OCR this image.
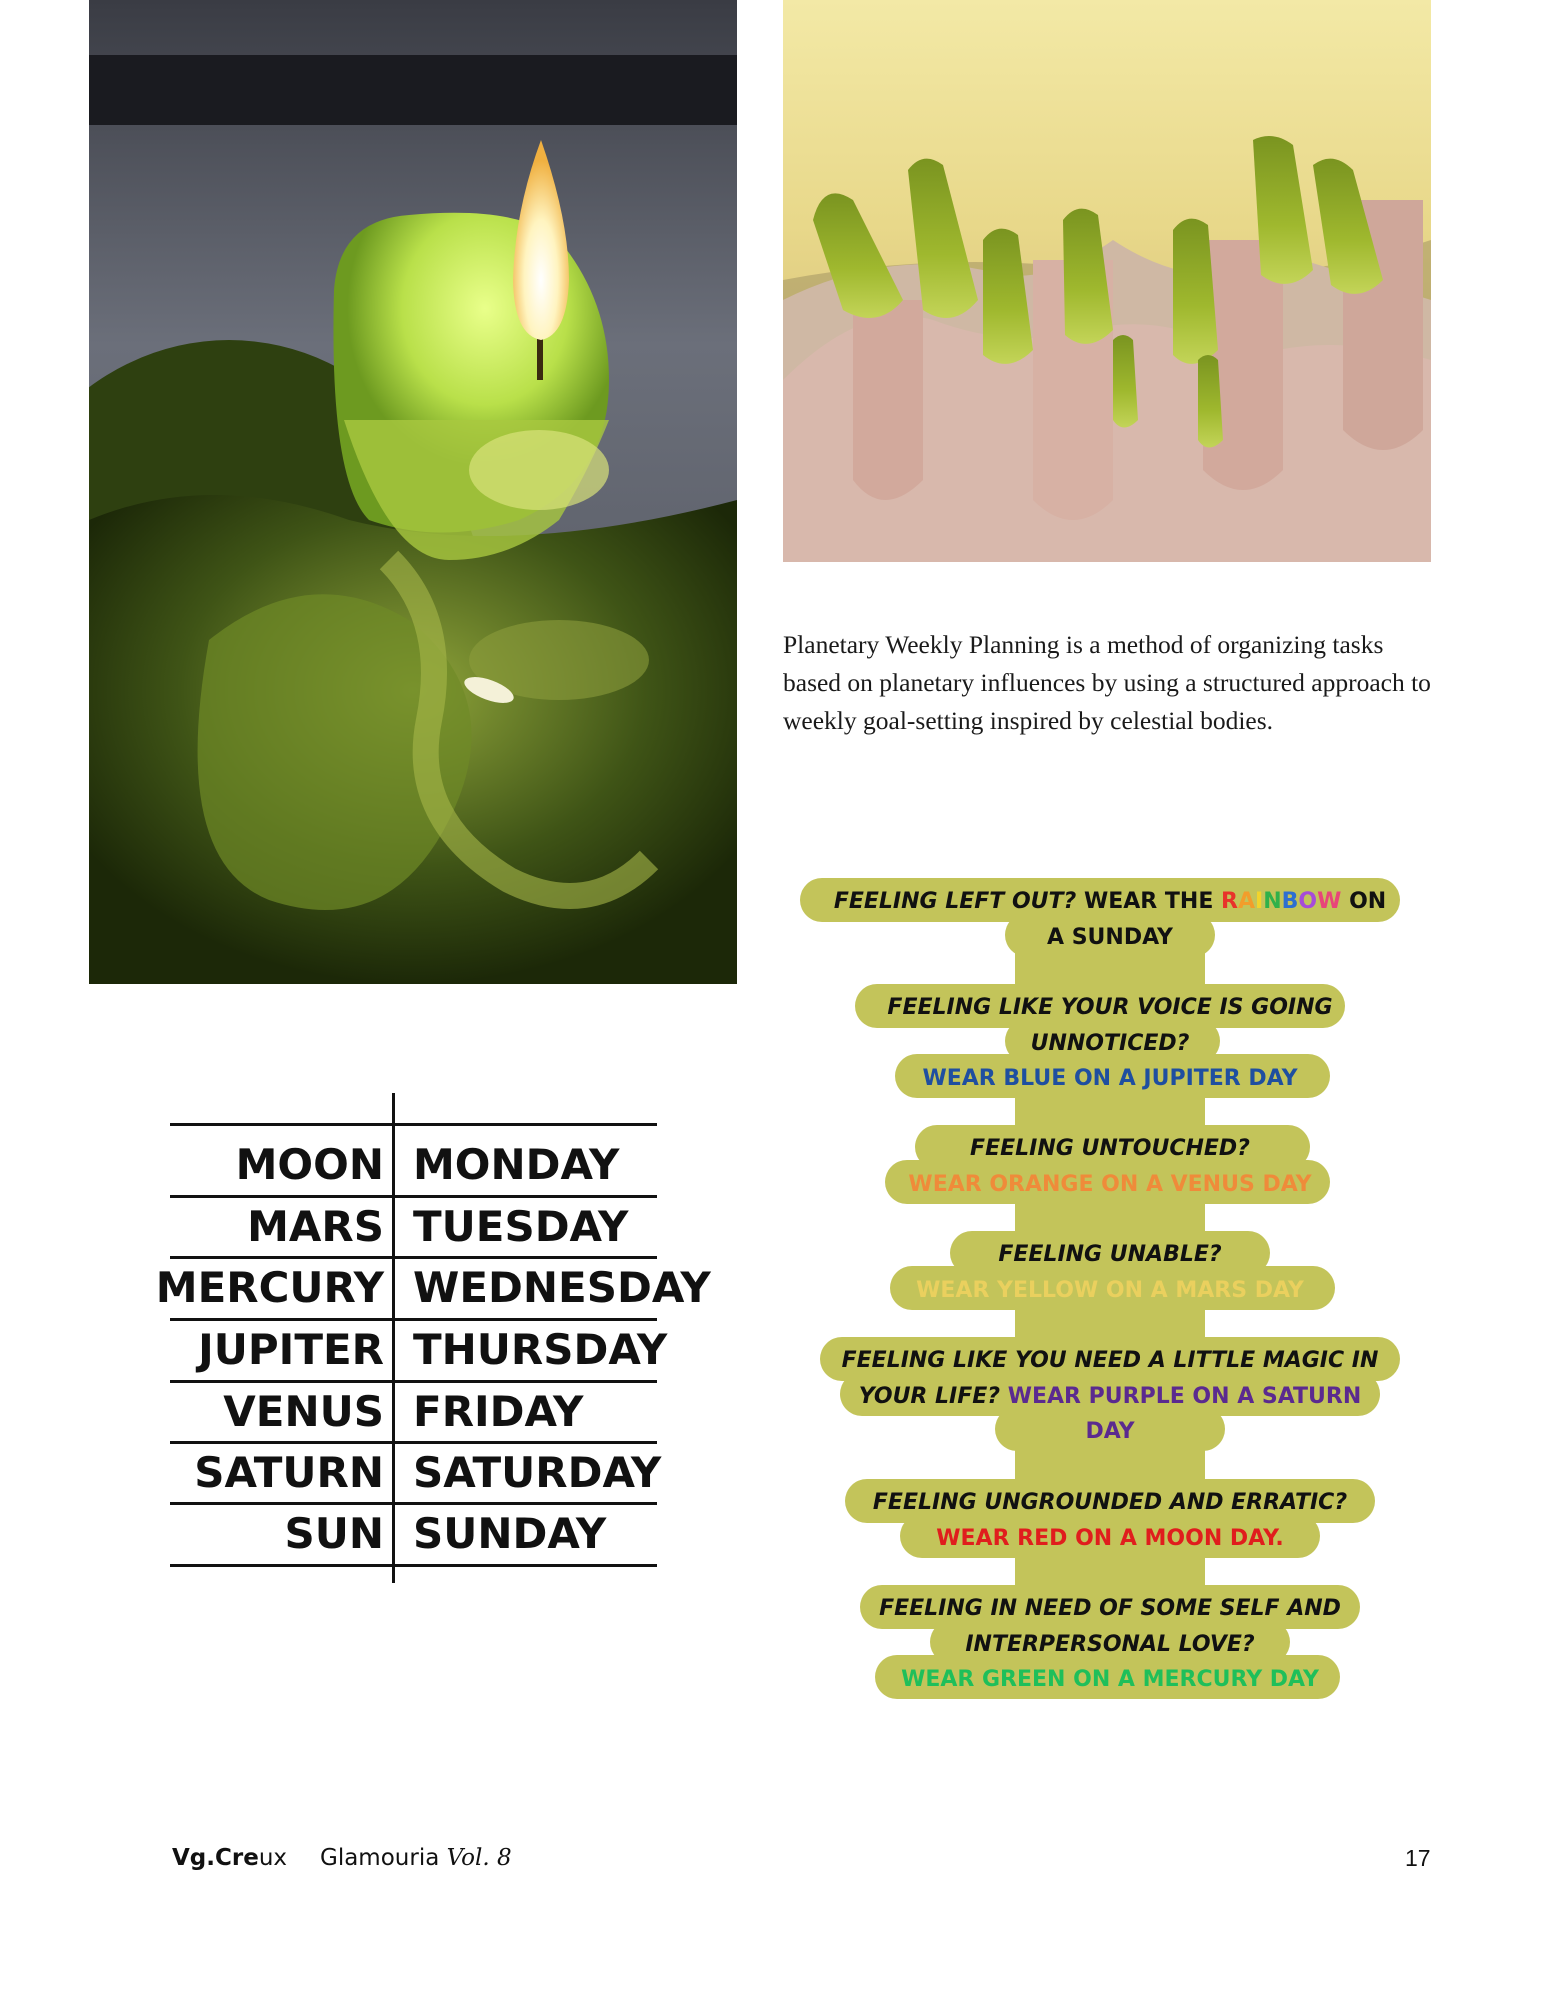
Planetary Weekly Planning is a method of organizing tasks based on planetary influences by using a structured approach to weekly goal-setting inspired by celestial bodies.

MOON MONDAY
MARS TUESDAY
MERCURY WEDNESDAY
JUPITER THURSDAY
VENUS FRIDAY
SATURN SATURDAY
SUN SUNDAY
FEELING LEFT OUT? WEAR THE RAINBOW ON
A SUNDAY
FEELING LIKE YOUR VOICE IS GOING
UNNOTICED?
WEAR BLUE ON A JUPITER DAY
FEELING UNTOUCHED?
WEAR ORANGE ON A VENUS DAY
FEELING UNABLE?
WEAR YELLOW ON A MARS DAY
FEELING LIKE YOU NEED A LITTLE MAGIC IN
YOUR LIFE? WEAR PURPLE ON A SATURN
DAY
FEELING UNGROUNDED AND ERRATIC?
WEAR RED ON A MOON DAY.
FEELING IN NEED OF SOME SELF AND
INTERPERSONAL LOVE?
WEAR GREEN ON A MERCURY DAY
Vg.Creux Glamouria Vol. 8	17
